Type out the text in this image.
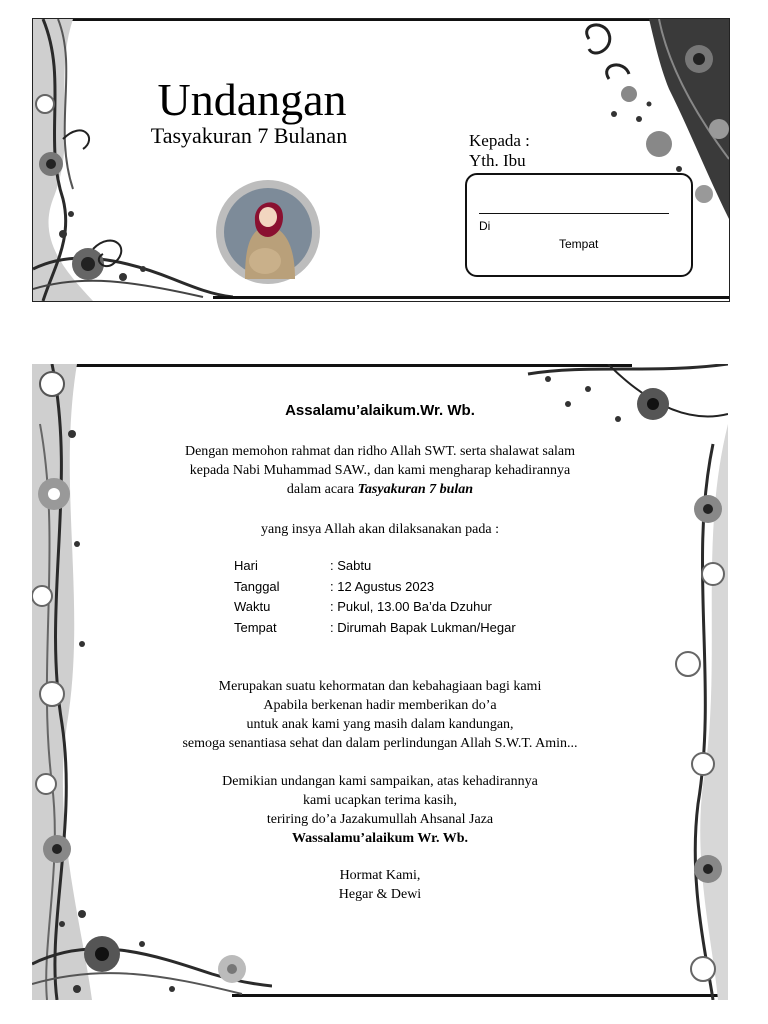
Undangan
Tasyakuran 7 Bulanan	Kepada :
Yth. Ibu
Di
Tempat
Assalamu’alaikum.Wr. Wb.
Dengan memohon rahmat dan ridho Allah SWT. serta shalawat salam
kepada Nabi Muhammad SAW., dan kami mengharap kehadirannya
dalam acara Tasyakuran 7 bulan
yang insya Allah akan dilaksanakan pada :
Hari	: Sabtu
Tanggal	: 12 Agustus 2023
Waktu	: Pukul, 13.00 Ba’da Dzuhur
Tempat	: Dirumah Bapak Lukman/Hegar
Merupakan suatu kehormatan dan kebahagiaan bagi kami
Apabila berkenan hadir memberikan do’a
untuk anak kami yang masih dalam kandungan,
semoga senantiasa sehat dan dalam perlindungan Allah S.W.T. Amin...
Demikian undangan kami sampaikan, atas kehadirannya
kami ucapkan terima kasih,
teriring do’a Jazakumullah Ahsanal Jaza
Wassalamu’alaikum Wr. Wb.
Hormat Kami,
Hegar & Dewi
